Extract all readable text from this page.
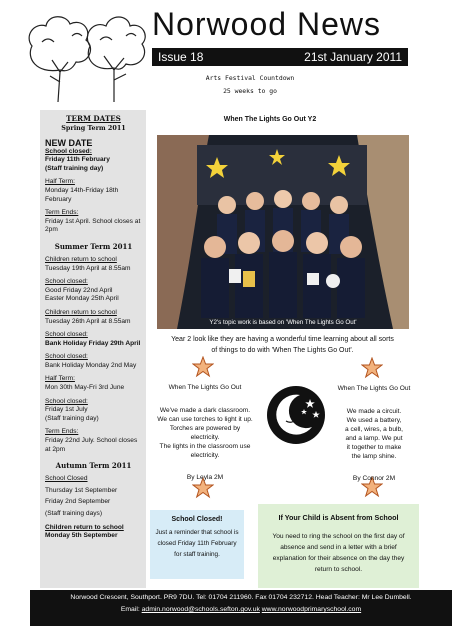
Norwood News
Issue 18	21st January 2011
Arts Festival Countdown
25 weeks to go
TERM DATES
Spring Term 2011
NEW DATE
School closed:
Friday 11th February
(Staff training day)
Half Term:
Monday 14th-Friday 18th February
Term Ends:
Friday 1st April. School closes at 2pm
Summer Term 2011
Children return to school
Tuesday 19th April at 8.55am
School closed:
Good Friday 22nd April
Easter Monday 25th April
Children return to school
Tuesday 26th April at 8.55am
School closed:
Bank Holiday Friday 29th April
School closed:
Bank Holiday Monday 2nd May
Half Term:
Mon 30th May-Fri 3rd June
School closed:
Friday 1st July
(Staff training day)
Term Ends:
Friday 22nd July. School closes at 2pm
Autumn Term 2011
School Closed
Thursday 1st September
Friday 2nd September
(Staff training days)
Children return to school
Monday 5th September
When The Lights Go Out Y2
Y2's topic work is based on 'When The Lights Go Out'
Year 2 look like they are having a wonderful time learning about all sorts
of things to do with 'When The Lights Go Out'.
When The Lights Go Out
We've made a dark classroom.
We can use torches to light it up.
Torches are powered by
electricity.
The lights in the classroom use
electricity.
By Leyla 2M
When The Lights Go Out
We made a circuit.
We used a battery,
a cell, wires, a bulb,
and a lamp. We put
it together to make
the lamp shine.
By Connor 2M
School Closed!
Just a reminder that school is
closed Friday 11th February
for staff training.
If Your Child is Absent from School
You need to ring the school on the first day of
absence and send in a letter with a brief
explanation for their absence on the day they
return to school.
Norwood Crescent, Southport. PR9 7DU. Tel: 01704 211960. Fax 01704 232712. Head Teacher: Mr Lee Dumbell.
Email: admin.norwood@schools.sefton.gov.uk www.norwoodprimaryschool.com
